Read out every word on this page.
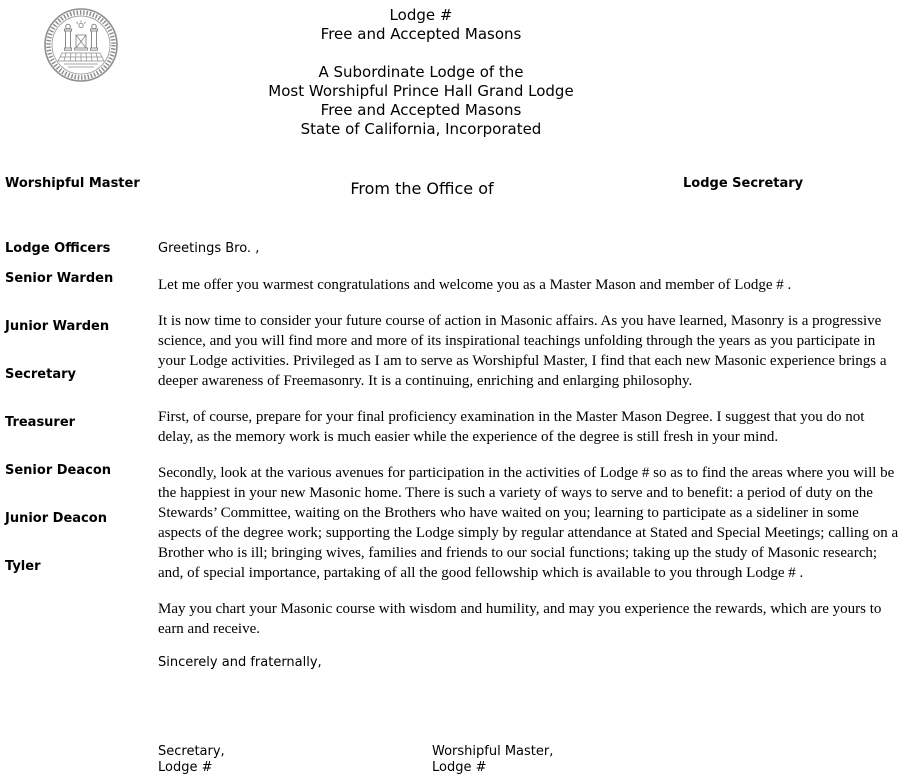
Lodge #
Free and Accepted Masons
A Subordinate Lodge of the
Most Worshipful Prince Hall Grand Lodge
Free and Accepted Masons
State of California, Incorporated
Worshipful Master	From the Office of	Lodge Secretary
Lodge Officers
Senior Warden
Junior Warden
Secretary
Treasurer
Senior Deacon
Junior Deacon
Tyler

Greetings Bro. ,

Let me offer you warmest congratulations and welcome you as a Master Mason and member of Lodge # .

It is now time to consider your future course of action in Masonic affairs. As you have learned, Masonry is a progressive science, and you will find more and more of its inspirational teachings unfolding through the years as you participate in your Lodge activities. Privileged as I am to serve as Worshipful Master, I find that each new Masonic experience brings a deeper awareness of Freemasonry. It is a continuing, enriching and enlarging philosophy.

First, of course, prepare for your final proficiency examination in the Master Mason Degree. I suggest that you do not delay, as the memory work is much easier while the experience of the degree is still fresh in your mind.

Secondly, look at the various avenues for participation in the activities of Lodge # so as to find the areas where you will be the happiest in your new Masonic home. There is such a variety of ways to serve and to benefit: a period of duty on the Stewards’ Committee, waiting on the Brothers who have waited on you; learning to participate as a sideliner in some aspects of the degree work; supporting the Lodge simply by regular attendance at Stated and Special Meetings; calling on a Brother who is ill; bringing wives, families and friends to our social functions; taking up the study of Masonic research; and, of special importance, partaking of all the good fellowship which is available to you through Lodge # .

May you chart your Masonic course with wisdom and humility, and may you experience the rewards, which are yours to earn and receive.

Sincerely and fraternally,

Secretary,
Lodge #
Worshipful Master,
Lodge #
